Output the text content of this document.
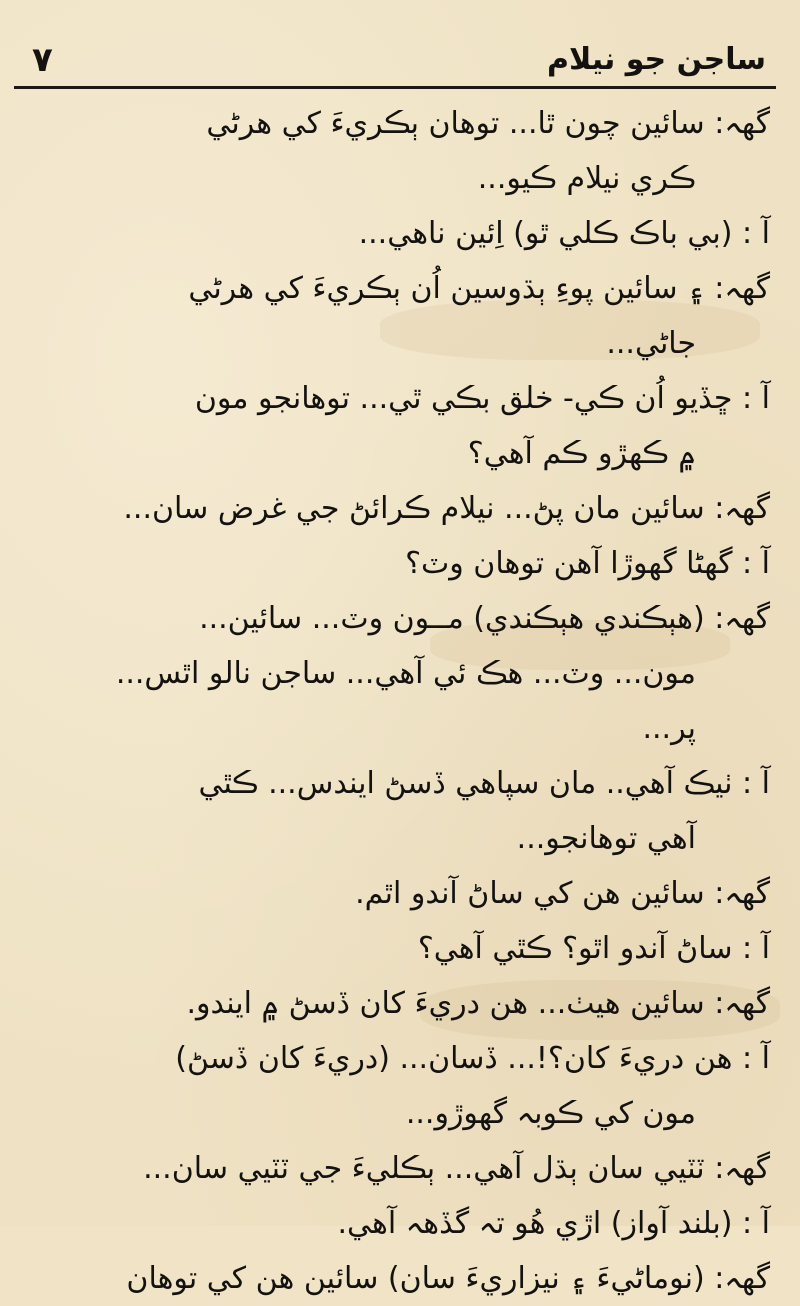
٧	ساجن جو نيلام
گهہ: سائين چون ٿا... توهان ٻڪريءَ کي هرڻي
ڪري نيلام ڪيو...
آ : (بي باڪ ڪلي ٿو) اِئين ناهي...
گهہ: ۽ سائين پوءِ ٻڌوسين اُن ٻڪريءَ کي هرڻي
جاڻي...
آ : ڇڏيو اُن ڪي- خلق بڪي ٿي... توهانجو مون
۾ ڪهڙو ڪم آهي؟
گهہ: سائين مان پڻ... نيلام ڪرائڻ جي غرض سان...
آ : گهڻا گهوڙا آهن توهان وٽ؟
گهہ: (هٻڪندي هٻڪندي) مــون وٽ... سائين...
مون... وٽ... هڪ ئي آهي... ساجن نالو اٿس...
پر...
آ : ٺيڪ آهي.. مان سپاهي ڏسڻ ايندس... ڪٿي
آهي توهانجو...
گهہ: سائين هن کي ساڻ آندو اٿم.
آ : ساڻ آندو اٿو؟ ڪٿي آهي؟
گهہ: سائين هيٺ... هن دريءَ کان ڏسڻ ۾ ايندو.
آ : هن دريءَ کان؟!... ڏسان... (دريءَ کان ڏسڻ)
مون کي ڪوبہ گهوڙو...
گهہ: ٽٽيي سان ٻڌل آهي... ٻڪليءَ جي ٽٽيي سان...
آ : (بلند آواز) اڙي هُو تہ گڏهہ آهي.
گهہ: (نوماڻيءَ ۽ نيزاريءَ سان) سائين هن کي توهان
